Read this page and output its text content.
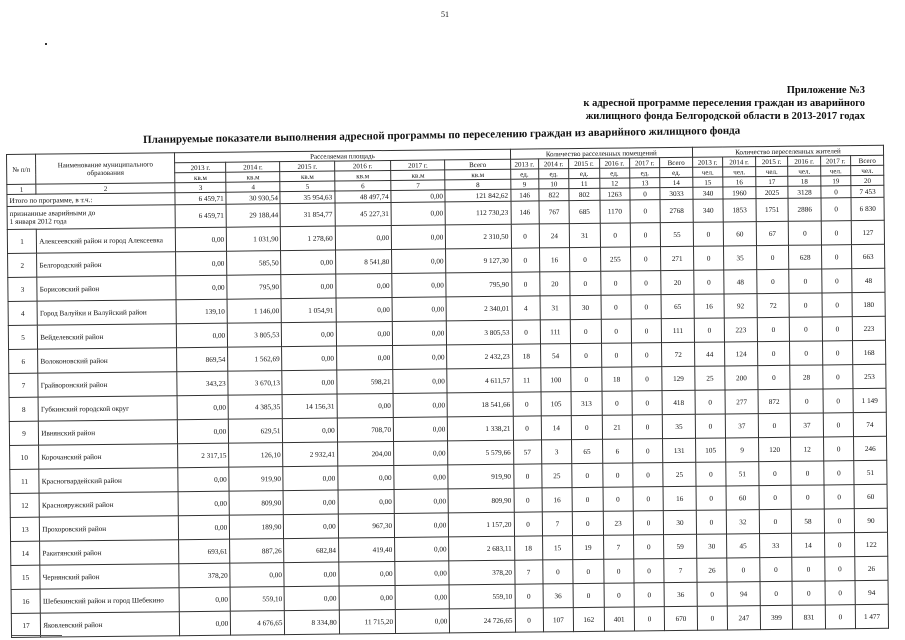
51
Приложение №3
к адресной программе переселения граждан из аварийного
жилищного фонда Белгородской области в 2013-2017 годах
Планируемые показатели выполнения адресной программы по переселению граждан из аварийного жилищного фонда
№ п/п	Наименование муниципального образования	Расселяемая площадь						Количество расселенных помещений						Количество переселенных жителей					
		2013 г.	2014 г.	2015 г.	2016 г.	2017 г.	Всего	2013 г.	2014 г.	2015 г.	2016 г.	2017 г.	Всего	2013 г.	2014 г.	2015 г.	2016 г.	2017 г.	Всего
		кв.м	кв.м	кв.м	кв.м	кв.м	кв.м	ед.	ед.	ед.	ед.	ед.	ед.	чел.	чел.	чел.	чел.	чел.	чел.
1	2	3	4	5	6	7	8	9	10	11	12	13	14	15	16	17	18	19	20
Итого по программе, в т.ч.:		6 459,71	30 930,54	35 954,63	48 497,74	0,00	121 842,62	146	822	802	1263	0	3033	340	1960	2025	3128	0	7 453
признанные аварийными до
1 января 2012 года		6 459,71	29 188,44	31 854,77	45 227,31	0,00	112 730,23	146	767	685	1170	0	2768	340	1853	1751	2886	0	6 830
1	Алексеевский район и город Алексеевка	0,00	1 031,90	1 278,60	0,00	0,00	2 310,50	0	24	31	0	0	55	0	60	67	0	0	127
2	Белгородский район	0,00	585,50	0,00	8 541,80	0,00	9 127,30	0	16	0	255	0	271	0	35	0	628	0	663
3	Борисовский район	0,00	795,90	0,00	0,00	0,00	795,90	0	20	0	0	0	20	0	48	0	0	0	48
4	Город Валуйки и Валуйский район	139,10	1 146,00	1 054,91	0,00	0,00	2 340,01	4	31	30	0	0	65	16	92	72	0	0	180
5	Вейделевский район	0,00	3 805,53	0,00	0,00	0,00	3 805,53	0	111	0	0	0	111	0	223	0	0	0	223
6	Волоконовский район	869,54	1 562,69	0,00	0,00	0,00	2 432,23	18	54	0	0	0	72	44	124	0	0	0	168
7	Грайворонский район	343,23	3 670,13	0,00	598,21	0,00	4 611,57	11	100	0	18	0	129	25	200	0	28	0	253
8	Губкинский городской округ	0,00	4 385,35	14 156,31	0,00	0,00	18 541,66	0	105	313	0	0	418	0	277	872	0	0	1 149
9	Ивнянский район	0,00	629,51	0,00	708,70	0,00	1 338,21	0	14	0	21	0	35	0	37	0	37	0	74
10	Корочанский район	2 317,15	126,10	2 932,41	204,00	0,00	5 579,66	57	3	65	6	0	131	105	9	120	12	0	246
11	Красногвардейский район	0,00	919,90	0,00	0,00	0,00	919,90	0	25	0	0	0	25	0	51	0	0	0	51
12	Краснояружский район	0,00	809,90	0,00	0,00	0,00	809,90	0	16	0	0	0	16	0	60	0	0	0	60
13	Прохоровский район	0,00	189,90	0,00	967,30	0,00	1 157,20	0	7	0	23	0	30	0	32	0	58	0	90
14	Ракитянский район	693,61	887,26	682,84	419,40	0,00	2 683,11	18	15	19	7	0	59	30	45	33	14	0	122
15	Чернянский район	378,20	0,00	0,00	0,00	0,00	378,20	7	0	0	0	0	7	26	0	0	0	0	26
16	Шебекинский район и город Шебекино	0,00	559,10	0,00	0,00	0,00	559,10	0	36	0	0	0	36	0	94	0	0	0	94
17	Яковлевский район	0,00	4 676,65	8 334,80	11 715,20	0,00	24 726,65	0	107	162	401	0	670	0	247	399	831	0	1 477
